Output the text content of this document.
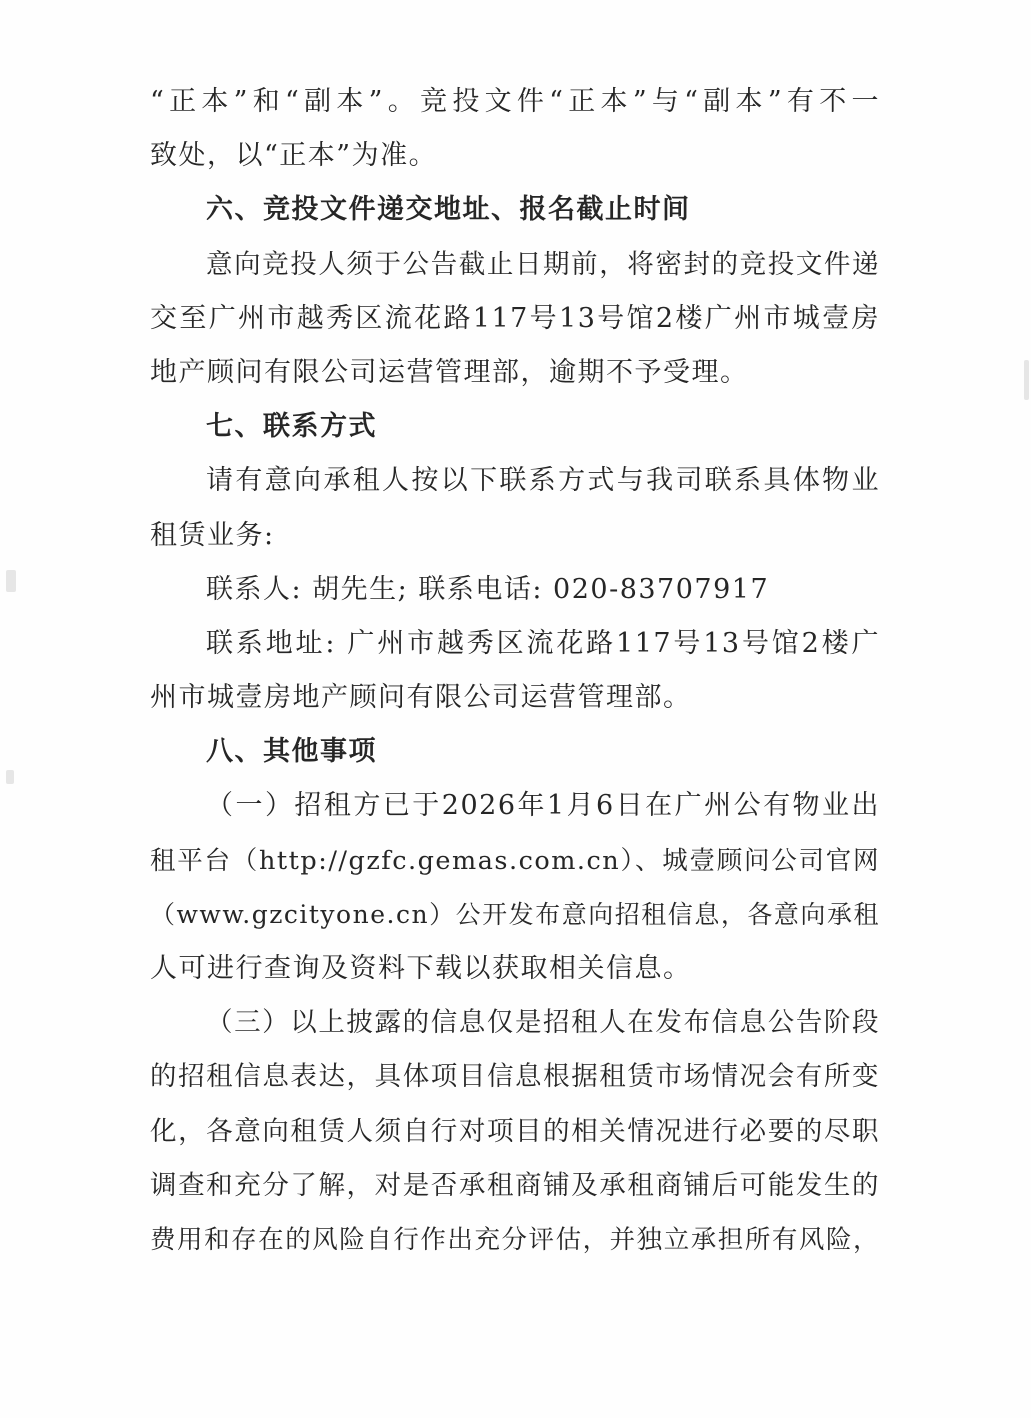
“正本”和“副本”。竞投文件“正本”与“副本”有不一
致处，以“正本”为准。
六、竞投文件递交地址、报名截止时间
意向竞投人须于公告截止日期前，将密封的竞投文件递
交至广州市越秀区流花路117号13号馆2楼广州市城壹房
地产顾问有限公司运营管理部，逾期不予受理。
七、联系方式
请有意向承租人按以下联系方式与我司联系具体物业
租赁业务:
联系人: 胡先生; 联系电话: 020-83707917
联系地址: 广州市越秀区流花路117号13号馆2楼广
州市城壹房地产顾问有限公司运营管理部。
八、其他事项
（一）招租方已于2026年1月6日在广州公有物业出
租平台（http://gzfc.gemas.com.cn）、城壹顾问公司官网
（www.gzcityone.cn）公开发布意向招租信息，各意向承租
人可进行查询及资料下载以获取相关信息。
（三）以上披露的信息仅是招租人在发布信息公告阶段
的招租信息表达，具体项目信息根据租赁市场情况会有所变
化，各意向租赁人须自行对项目的相关情况进行必要的尽职
调查和充分了解，对是否承租商铺及承租商铺后可能发生的
费用和存在的风险自行作出充分评估，并独立承担所有风险，
